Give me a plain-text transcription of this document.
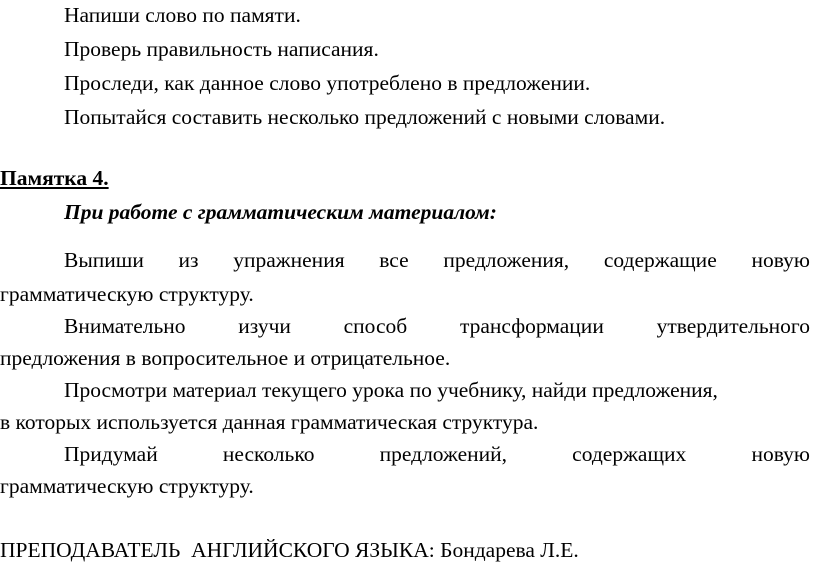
Напиши слово по памяти.
Проверь правильность написания.
Проследи, как данное слово употреблено в предложении.
Попытайся составить несколько предложений с новыми словами.
Памятка 4.
При работе с грамматическим материалом:
Выпиши из упражнения все предложения, содержащие новую
грамматическую структуру.
Внимательно изучи способ трансформации утвердительного
предложения в вопросительное и отрицательное.
Просмотри материал текущего урока по учебнику, найди предложения,
в которых используется данная грамматическая структура.
Придумай	несколько	предложений,	содержащих	новую
грамматическую структуру.
ПРЕПОДАВАТЕЛЬ  АНГЛИЙСКОГО ЯЗЫКА: Бондарева Л.Е.
